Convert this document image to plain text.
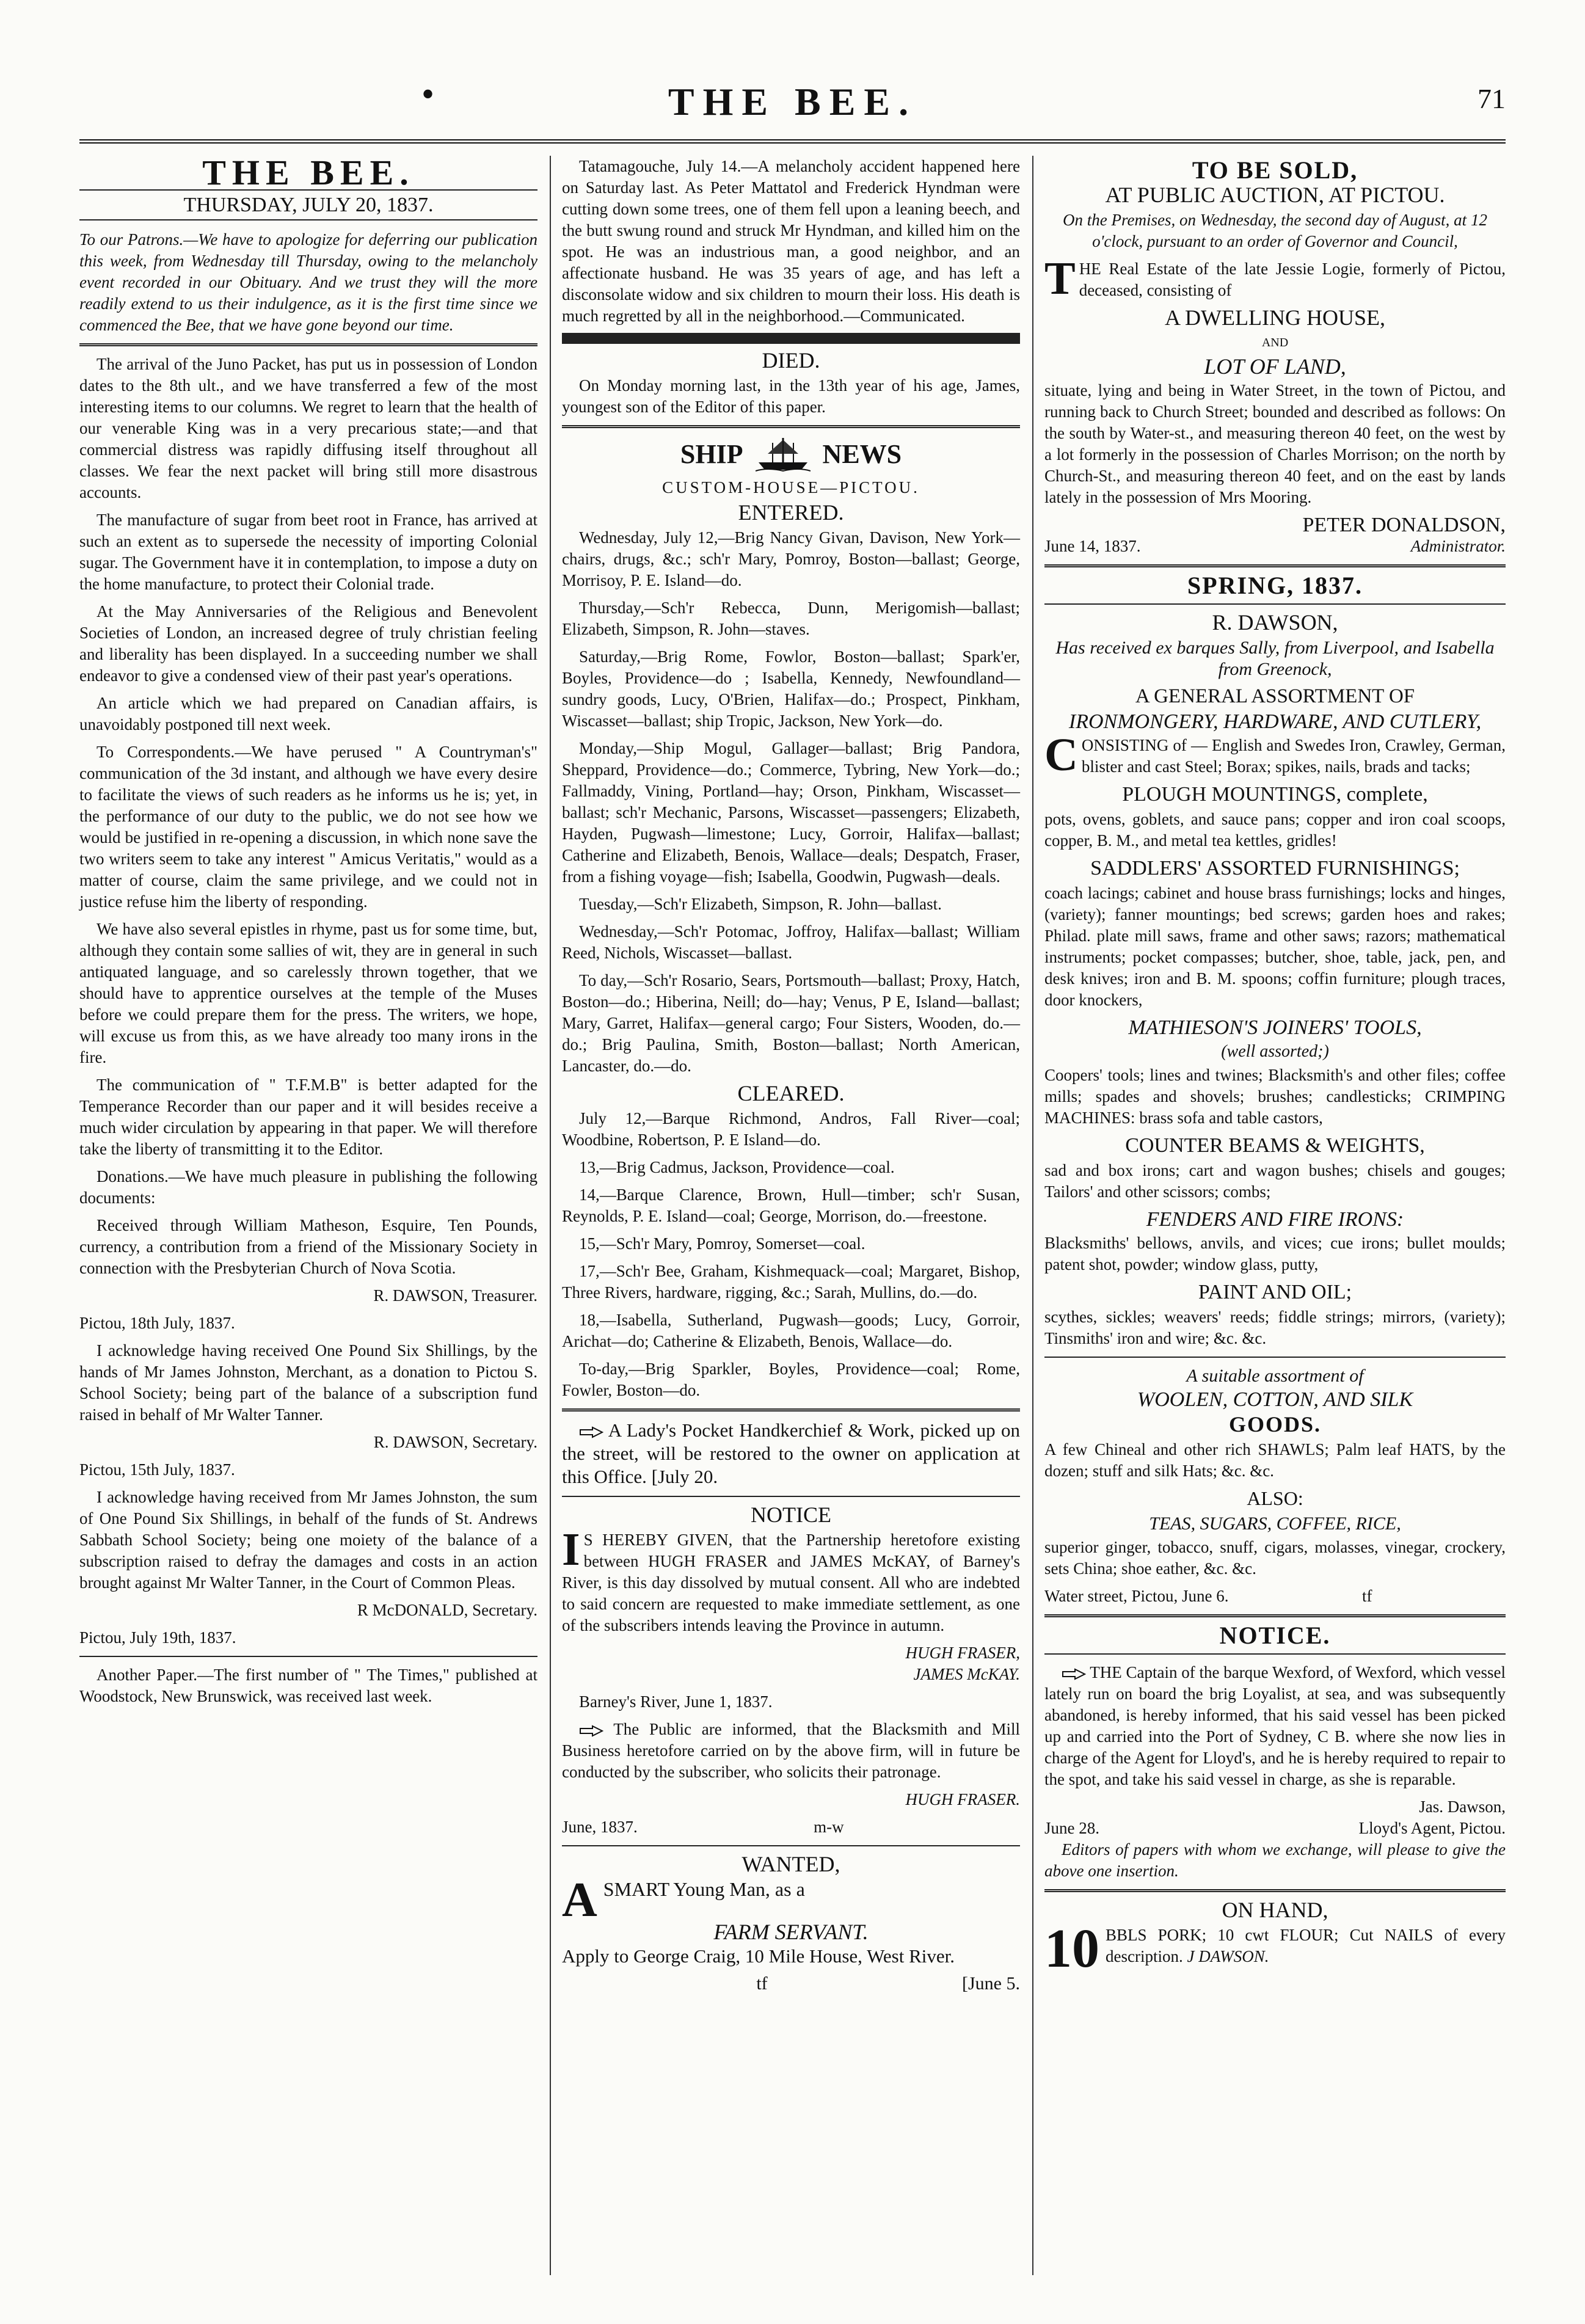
•	THE BEE.	71
THE BEE.
THURSDAY, JULY 20, 1837.

To our Patrons.—We have to apologize for deferring our publication this week, from Wednesday till Thursday, owing to the melancholy event recorded in our Obituary. And we trust they will the more readily extend to us their indulgence, as it is the first time since we commenced the Bee, that we have gone beyond our time.

The arrival of the Juno Packet, has put us in possession of London dates to the 8th ult., and we have transferred a few of the most interesting items to our columns. We regret to learn that the health of our venerable King was in a very precarious state;—and that commercial distress was rapidly diffusing itself throughout all classes. We fear the next packet will bring still more disastrous accounts.

The manufacture of sugar from beet root in France, has arrived at such an extent as to supersede the necessity of importing Colonial sugar. The Government have it in contemplation, to impose a duty on the home manufacture, to protect their Colonial trade.

At the May Anniversaries of the Religious and Benevolent Societies of London, an increased degree of truly christian feeling and liberality has been displayed. In a succeeding number we shall endeavor to give a condensed view of their past year's operations.

An article which we had prepared on Canadian affairs, is unavoidably postponed till next week.

To Correspondents.—We have perused " A Countryman's" communication of the 3d instant, and although we have every desire to facilitate the views of such readers as he informs us he is; yet, in the performance of our duty to the public, we do not see how we would be justified in re-opening a discussion, in which none save the two writers seem to take any interest " Amicus Veritatis," would as a matter of course, claim the same privilege, and we could not in justice refuse him the liberty of responding.

We have also several epistles in rhyme, past us for some time, but, although they contain some sallies of wit, they are in general in such antiquated language, and so carelessly thrown together, that we should have to apprentice ourselves at the temple of the Muses before we could prepare them for the press. The writers, we hope, will excuse us from this, as we have already too many irons in the fire.

The communication of " T.F.M.B" is better adapted for the Temperance Recorder than our paper and it will besides receive a much wider circulation by appearing in that paper. We will therefore take the liberty of transmitting it to the Editor.

Donations.—We have much pleasure in publishing the following documents:

Received through William Matheson, Esquire, Ten Pounds, currency, a contribution from a friend of the Missionary Society in connection with the Presbyterian Church of Nova Scotia.

R. DAWSON, Treasurer.

Pictou, 18th July, 1837.

I acknowledge having received One Pound Six Shillings, by the hands of Mr James Johnston, Merchant, as a donation to Pictou S. School Society; being part of the balance of a subscription fund raised in behalf of Mr Walter Tanner.

R. DAWSON, Secretary.

Pictou, 15th July, 1837.

I acknowledge having received from Mr James Johnston, the sum of One Pound Six Shillings, in behalf of the funds of St. Andrews Sabbath School Society; being one moiety of the balance of a subscription raised to defray the damages and costs in an action brought against Mr Walter Tanner, in the Court of Common Pleas.

R McDONALD, Secretary.

Pictou, July 19th, 1837.

Another Paper.—The first number of " The Times," published at Woodstock, New Brunswick, was received last week.

Tatamagouche, July 14.—A melancholy accident happened here on Saturday last. As Peter Mattatol and Frederick Hyndman were cutting down some trees, one of them fell upon a leaning beech, and the butt swung round and struck Mr Hyndman, and killed him on the spot. He was an industrious man, a good neighbor, and an affectionate husband. He was 35 years of age, and has left a disconsolate widow and six children to mourn their loss. His death is much regretted by all in the neighborhood.—Communicated.

DIED.

On Monday morning last, in the 13th year of his age, James, youngest son of the Editor of this paper.

SHIP	NEWS
CUSTOM-HOUSE—PICTOU.
ENTERED.

Wednesday, July 12,—Brig Nancy Givan, Davison, New York—chairs, drugs, &c.; sch'r Mary, Pomroy, Boston—ballast; George, Morrisoy, P. E. Island—do.

Thursday,—Sch'r Rebecca, Dunn, Merigomish—ballast; Elizabeth, Simpson, R. John—staves.

Saturday,—Brig Rome, Fowlor, Boston—ballast; Spark'er, Boyles, Providence—do ; Isabella, Kennedy, Newfoundland—sundry goods, Lucy, O'Brien, Halifax—do.; Prospect, Pinkham, Wiscasset—ballast; ship Tropic, Jackson, New York—do.

Monday,—Ship Mogul, Gallager—ballast; Brig Pandora, Sheppard, Providence—do.; Commerce, Tybring, New York—do.; Fallmaddy, Vining, Portland—hay; Orson, Pinkham, Wiscasset—ballast; sch'r Mechanic, Parsons, Wiscasset—passengers; Elizabeth, Hayden, Pugwash—limestone; Lucy, Gorroir, Halifax—ballast; Catherine and Elizabeth, Benois, Wallace—deals; Despatch, Fraser, from a fishing voyage—fish; Isabella, Goodwin, Pugwash—deals.

Tuesday,—Sch'r Elizabeth, Simpson, R. John—ballast.

Wednesday,—Sch'r Potomac, Joffroy, Halifax—ballast; William Reed, Nichols, Wiscasset—ballast.

To day,—Sch'r Rosario, Sears, Portsmouth—ballast; Proxy, Hatch, Boston—do.; Hiberina, Neill; do—hay; Venus, P E, Island—ballast; Mary, Garret, Halifax—general cargo; Four Sisters, Wooden, do.—do.; Brig Paulina, Smith, Boston—ballast; North American, Lancaster, do.—do.

CLEARED.

July 12,—Barque Richmond, Andros, Fall River—coal; Woodbine, Robertson, P. E Island—do.

13,—Brig Cadmus, Jackson, Providence—coal.

14,—Barque Clarence, Brown, Hull—timber; sch'r Susan, Reynolds, P. E. Island—coal; George, Morrison, do.—freestone.

15,—Sch'r Mary, Pomroy, Somerset—coal.

17,—Sch'r Bee, Graham, Kishmequack—coal; Margaret, Bishop, Three Rivers, hardware, rigging, &c.; Sarah, Mullins, do.—do.

18,—Isabella, Sutherland, Pugwash—goods; Lucy, Gorroir, Arichat—do; Catherine & Elizabeth, Benois, Wallace—do.

To-day,—Brig Sparkler, Boyles, Providence—coal; Rome, Fowler, Boston—do.

A Lady's Pocket Handkerchief & Work, picked up on the street, will be restored to the owner on application at this Office. [July 20.

NOTICE

I S HEREBY GIVEN, that the Partnership heretofore existing between HUGH FRASER and JAMES McKAY, of Barney's River, is this day dissolved by mutual consent. All who are indebted to said concern are requested to make immediate settlement, as one of the subscribers intends leaving the Province in autumn.

HUGH FRASER,

JAMES McKAY.

Barney's River, June 1, 1837.

The Public are informed, that the Blacksmith and Mill Business heretofore carried on by the above firm, will in future be conducted by the subscriber, who solicits their patronage.

HUGH FRASER.

June, 1837.	m-w
WANTED,

ASMART Young Man, as a

FARM SERVANT.

Apply to George Craig, 10 Mile House, West River.

tf	[June 5.
TO BE SOLD,
AT PUBLIC AUCTION, AT PICTOU.

On the Premises, on Wednesday, the second day of August, at 12 o'clock, pursuant to an order of Governor and Council,

THE Real Estate of the late Jessie Logie, formerly of Pictou, deceased, consisting of

A DWELLING HOUSE,
AND
LOT OF LAND,

situate, lying and being in Water Street, in the town of Pictou, and running back to Church Street; bounded and described as follows: On the south by Water-st., and measuring thereon 40 feet, on the west by a lot formerly in the possession of Charles Morrison; on the north by Church-St., and measuring thereon 40 feet, and on the east by lands lately in the possession of Mrs Mooring.

PETER DONALDSON,
June 14, 1837.	Administrator.
SPRING, 1837.
R. DAWSON,

Has received ex barques Sally, from Liverpool, and Isabella from Greenock,

A GENERAL ASSORTMENT OF
IRONMONGERY, HARDWARE, AND CUTLERY,

CONSISTING of — English and Swedes Iron, Crawley, German, blister and cast Steel; Borax; spikes, nails, brads and tacks;

PLOUGH MOUNTINGS, complete,

pots, ovens, goblets, and sauce pans; copper and iron coal scoops, copper, B. M., and metal tea kettles, gridles!

SADDLERS' ASSORTED FURNISHINGS;

coach lacings; cabinet and house brass furnishings; locks and hinges, (variety); fanner mountings; bed screws; garden hoes and rakes; Philad. plate mill saws, frame and other saws; razors; mathematical instruments; pocket compasses; butcher, shoe, table, jack, pen, and desk knives; iron and B. M. spoons; coffin furniture; plough traces, door knockers,

MATHIESON'S JOINERS' TOOLS,
(well assorted;)

Coopers' tools; lines and twines; Blacksmith's and other files; coffee mills; spades and shovels; brushes; candlesticks; CRIMPING MACHINES: brass sofa and table castors,

COUNTER BEAMS & WEIGHTS,

sad and box irons; cart and wagon bushes; chisels and gouges; Tailors' and other scissors; combs;

FENDERS AND FIRE IRONS:

Blacksmiths' bellows, anvils, and vices; cue irons; bullet moulds; patent shot, powder; window glass, putty,

PAINT AND OIL;

scythes, sickles; weavers' reeds; fiddle strings; mirrors, (variety); Tinsmiths' iron and wire; &c. &c.

A suitable assortment of
WOOLEN, COTTON, AND SILK
GOODS.

A few Chineal and other rich SHAWLS; Palm leaf HATS, by the dozen; stuff and silk Hats; &c. &c.

ALSO:
TEAS, SUGARS, COFFEE, RICE,

superior ginger, tobacco, snuff, cigars, molasses, vinegar, crockery, sets China; shoe eather, &c. &c.

Water street, Pictou, June 6.	tf
NOTICE.

THE Captain of the barque Wexford, of Wexford, which vessel lately run on board the brig Loyalist, at sea, and was subsequently abandoned, is hereby informed, that his said vessel has been picked up and carried into the Port of Sydney, C B. where she now lies in charge of the Agent for Lloyd's, and he is hereby required to repair to the spot, and take his said vessel in charge, as she is reparable.

Jas. Dawson,
June 28.	Lloyd's Agent, Pictou.

Editors of papers with whom we exchange, will please to give the above one insertion.

ON HAND,

10 BBLS PORK; 10 cwt FLOUR; Cut NAILS of every description. J DAWSON.
